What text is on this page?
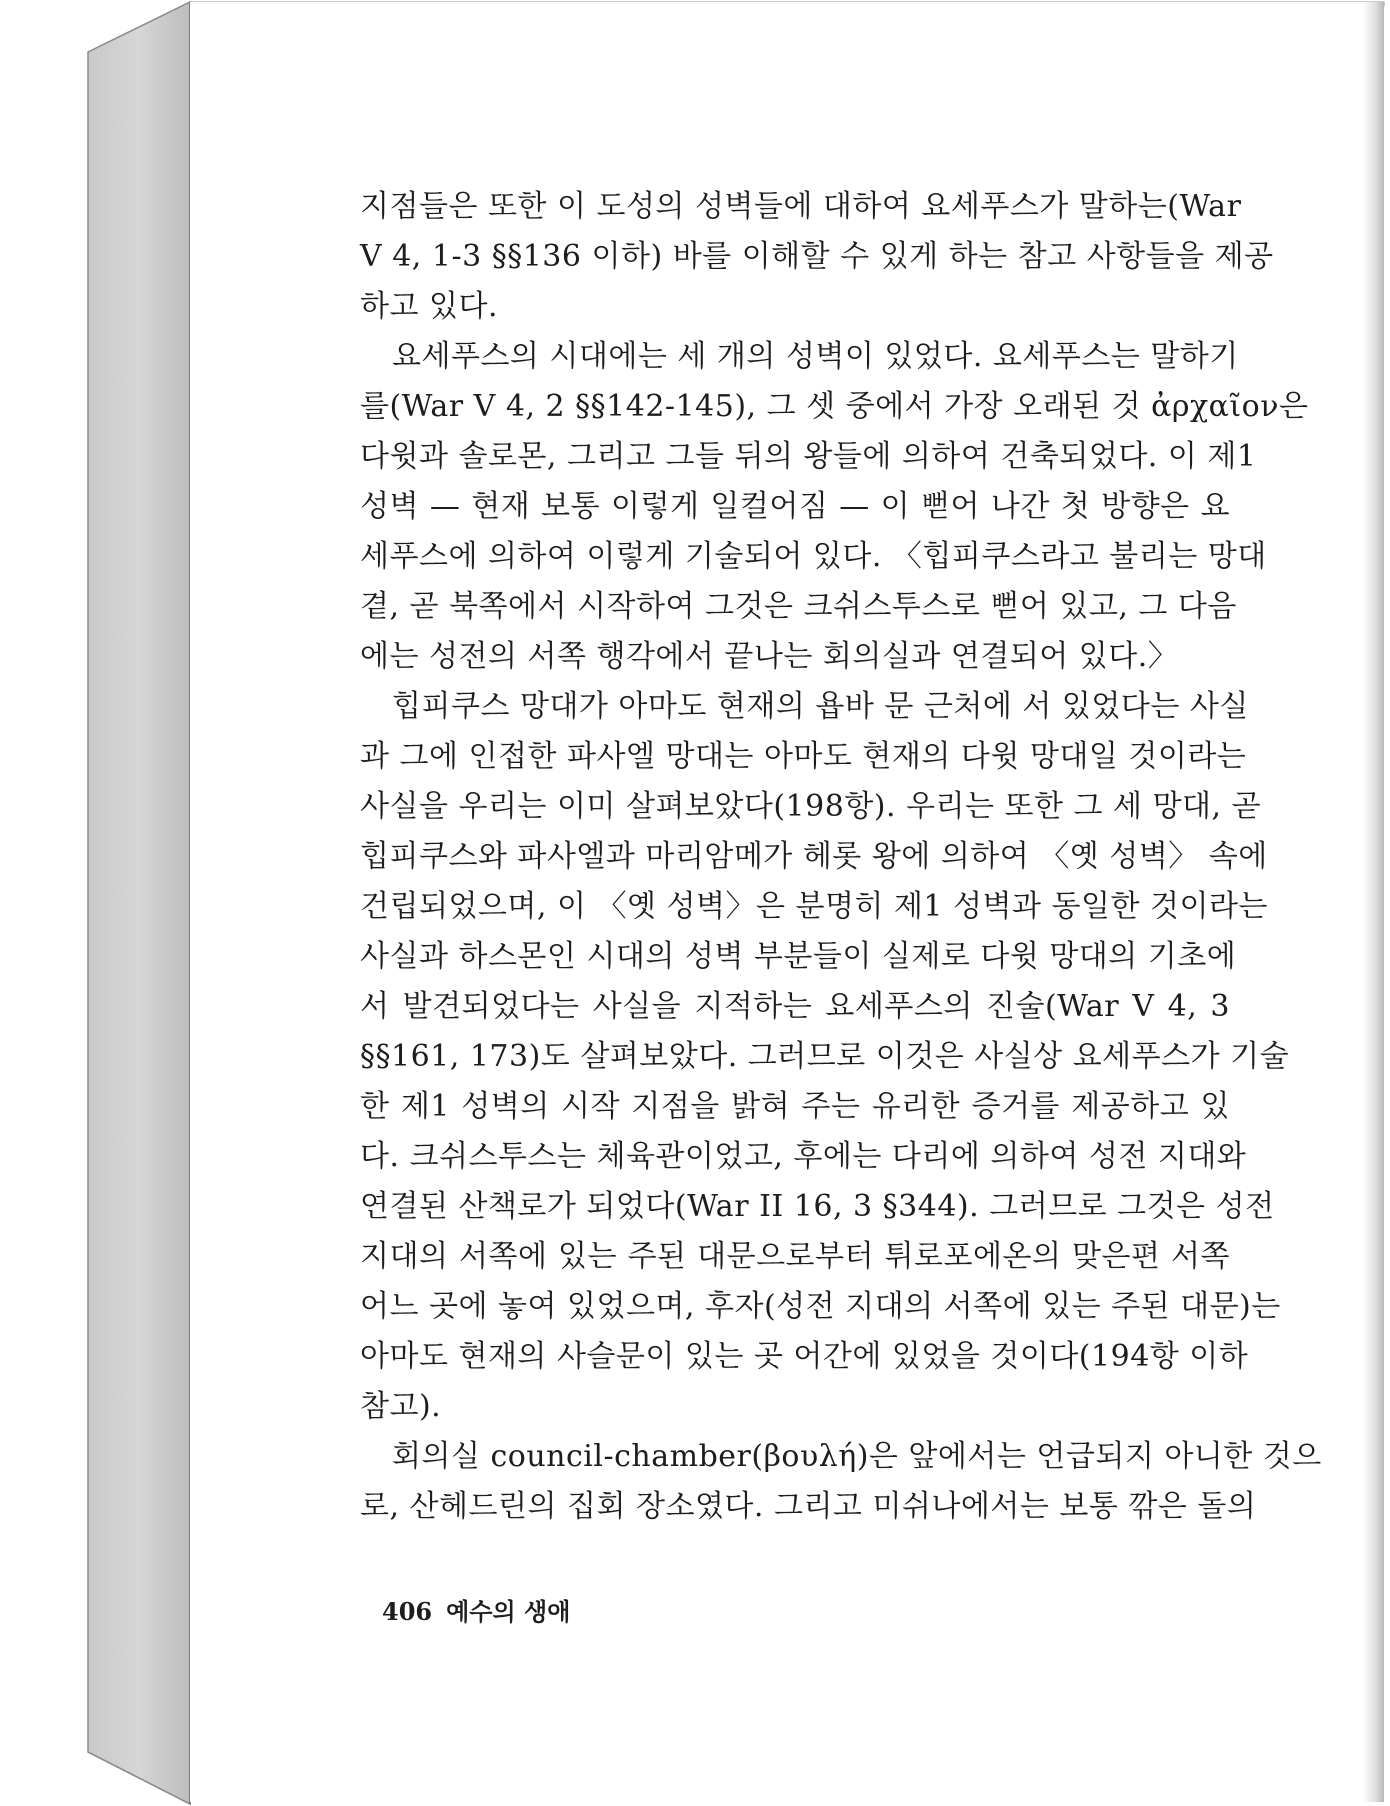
지점들은 또한 이 도성의 성벽들에 대하여 요세푸스가 말하는(War
V 4, 1-3 §§136 이하) 바를 이해할 수 있게 하는 참고 사항들을 제공
하고 있다.
요세푸스의 시대에는 세 개의 성벽이 있었다. 요세푸스는 말하기
를(War V 4, 2 §§142-145), 그 셋 중에서 가장 오래된 것 ἀρχαῖον은
다윗과 솔로몬, 그리고 그들 뒤의 왕들에 의하여 건축되었다. 이 제1
성벽 — 현재 보통 이렇게 일컬어짐 — 이 뻗어 나간 첫 방향은 요
세푸스에 의하여 이렇게 기술되어 있다. 〈힙피쿠스라고 불리는 망대
곁, 곧 북쪽에서 시작하여 그것은 크쉬스투스로 뻗어 있고, 그 다음
에는 성전의 서쪽 행각에서 끝나는 회의실과 연결되어 있다.〉
힙피쿠스 망대가 아마도 현재의 욥바 문 근처에 서 있었다는 사실
과 그에 인접한 파사엘 망대는 아마도 현재의 다윗 망대일 것이라는
사실을 우리는 이미 살펴보았다(198항). 우리는 또한 그 세 망대, 곧
힙피쿠스와 파사엘과 마리암메가 헤롯 왕에 의하여 〈옛 성벽〉 속에
건립되었으며, 이 〈옛 성벽〉은 분명히 제1 성벽과 동일한 것이라는
사실과 하스몬인 시대의 성벽 부분들이 실제로 다윗 망대의 기초에
서 발견되었다는 사실을 지적하는 요세푸스의 진술(War V 4, 3
§§161, 173)도 살펴보았다. 그러므로 이것은 사실상 요세푸스가 기술
한 제1 성벽의 시작 지점을 밝혀 주는 유리한 증거를 제공하고 있
다. 크쉬스투스는 체육관이었고, 후에는 다리에 의하여 성전 지대와
연결된 산책로가 되었다(War II 16, 3 §344). 그러므로 그것은 성전
지대의 서쪽에 있는 주된 대문으로부터 튀로포에온의 맞은편 서쪽
어느 곳에 놓여 있었으며, 후자(성전 지대의 서쪽에 있는 주된 대문)는
아마도 현재의 사슬문이 있는 곳 어간에 있었을 것이다(194항 이하
참고).
회의실 council-chamber(βουλή)은 앞에서는 언급되지 아니한 것으
로, 산헤드린의 집회 장소였다. 그리고 미쉬나에서는 보통 깎은 돌의
406 예수의 생애
